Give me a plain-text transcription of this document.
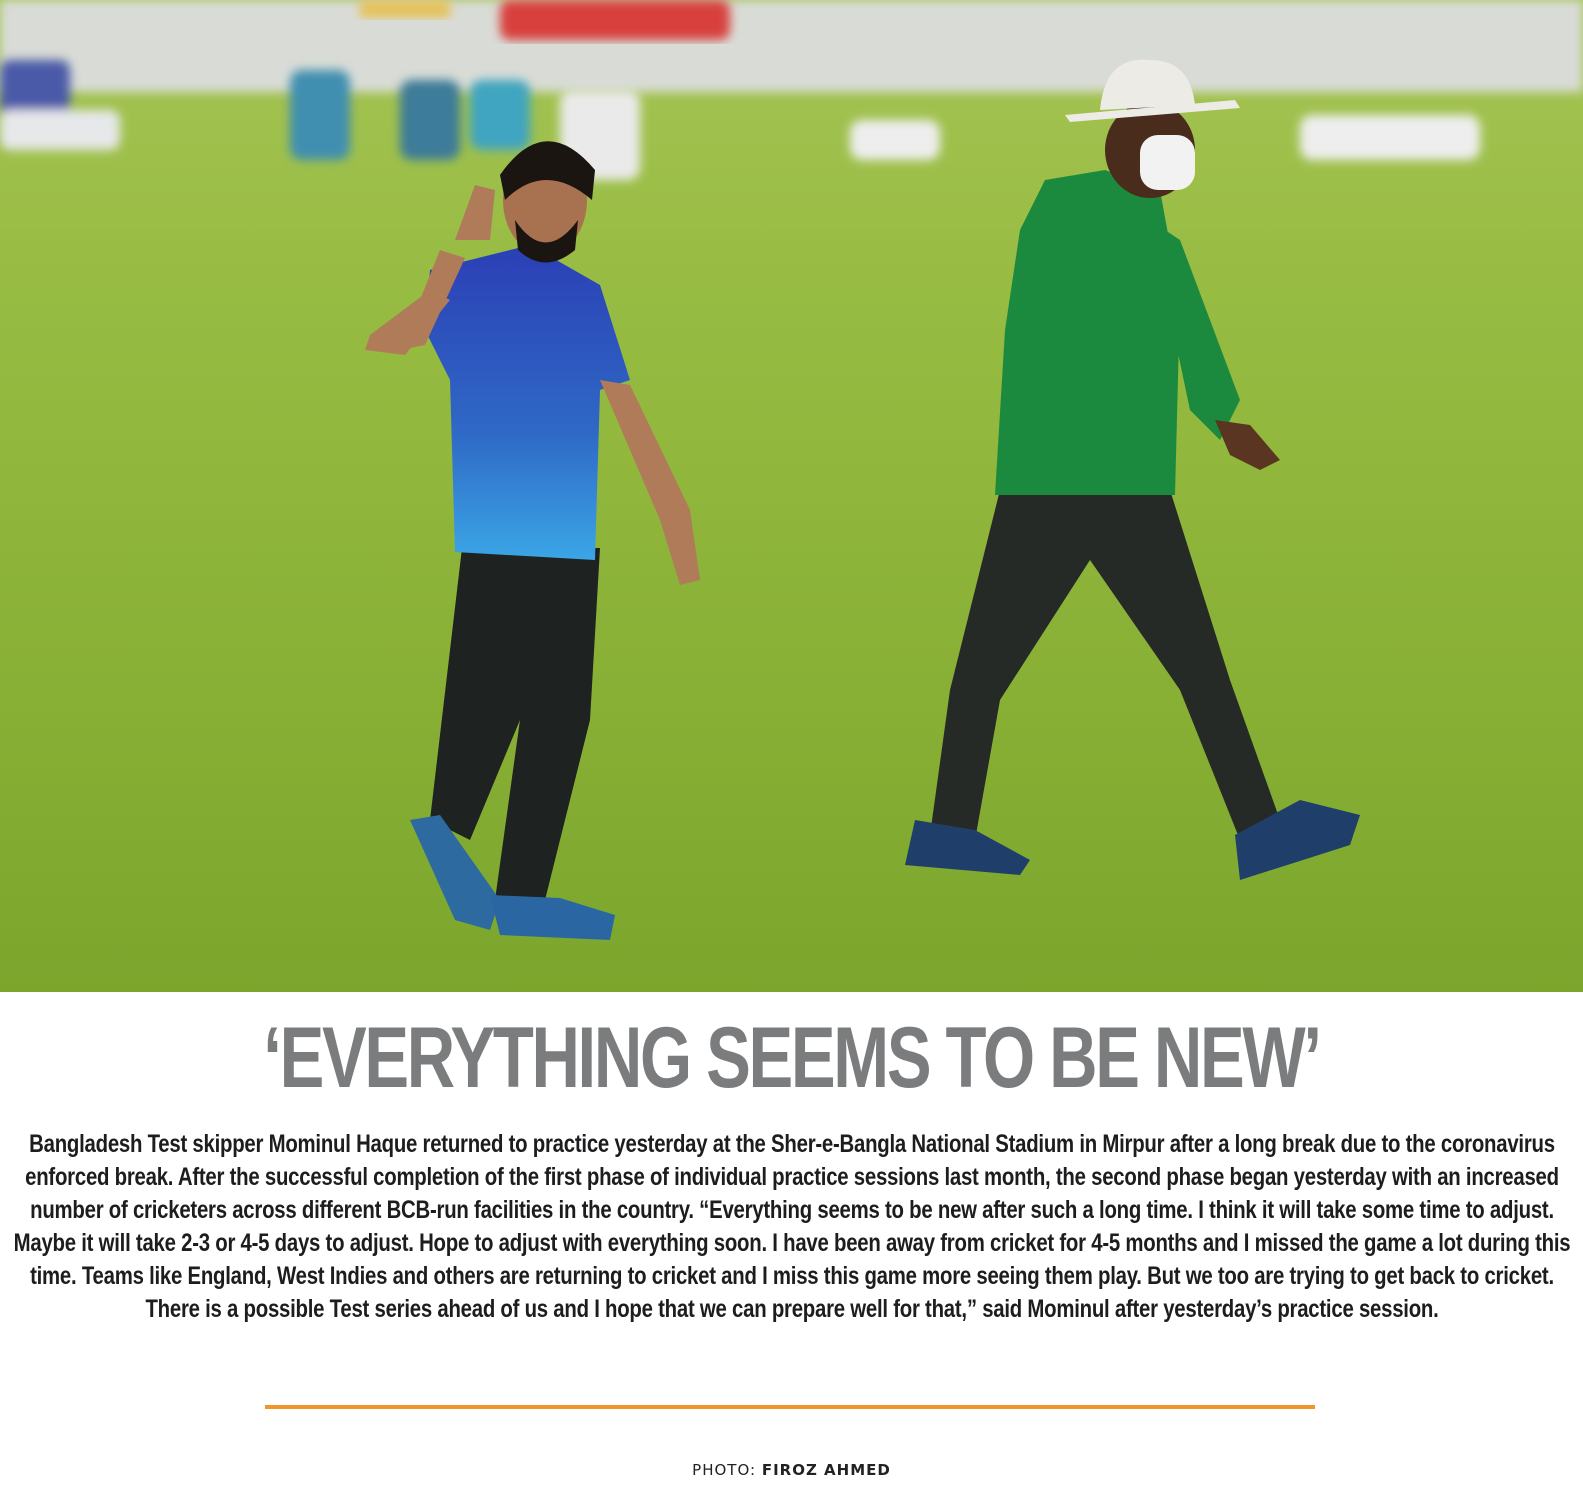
‘EVERYTHING SEEMS TO BE NEW’
Bangladesh Test skipper Mominul Haque returned to practice yesterday at the Sher-e-Bangla National Stadium in Mirpur after a long break due to the coronavirus enforced break. After the successful completion of the first phase of individual practice sessions last month, the second phase began yesterday with an increased number of cricketers across different BCB-run facilities in the country. “Everything seems to be new after such a long time. I think it will take some time to adjust. Maybe it will take 2-3 or 4-5 days to adjust. Hope to adjust with everything soon. I have been away from cricket for 4-5 months and I missed the game a lot during this time. Teams like England, West Indies and others are returning to cricket and I miss this game more seeing them play. But we too are trying to get back to cricket. There is a possible Test series ahead of us and I hope that we can prepare well for that,” said Mominul after yesterday’s practice session.
PHOTO: FIROZ AHMED
